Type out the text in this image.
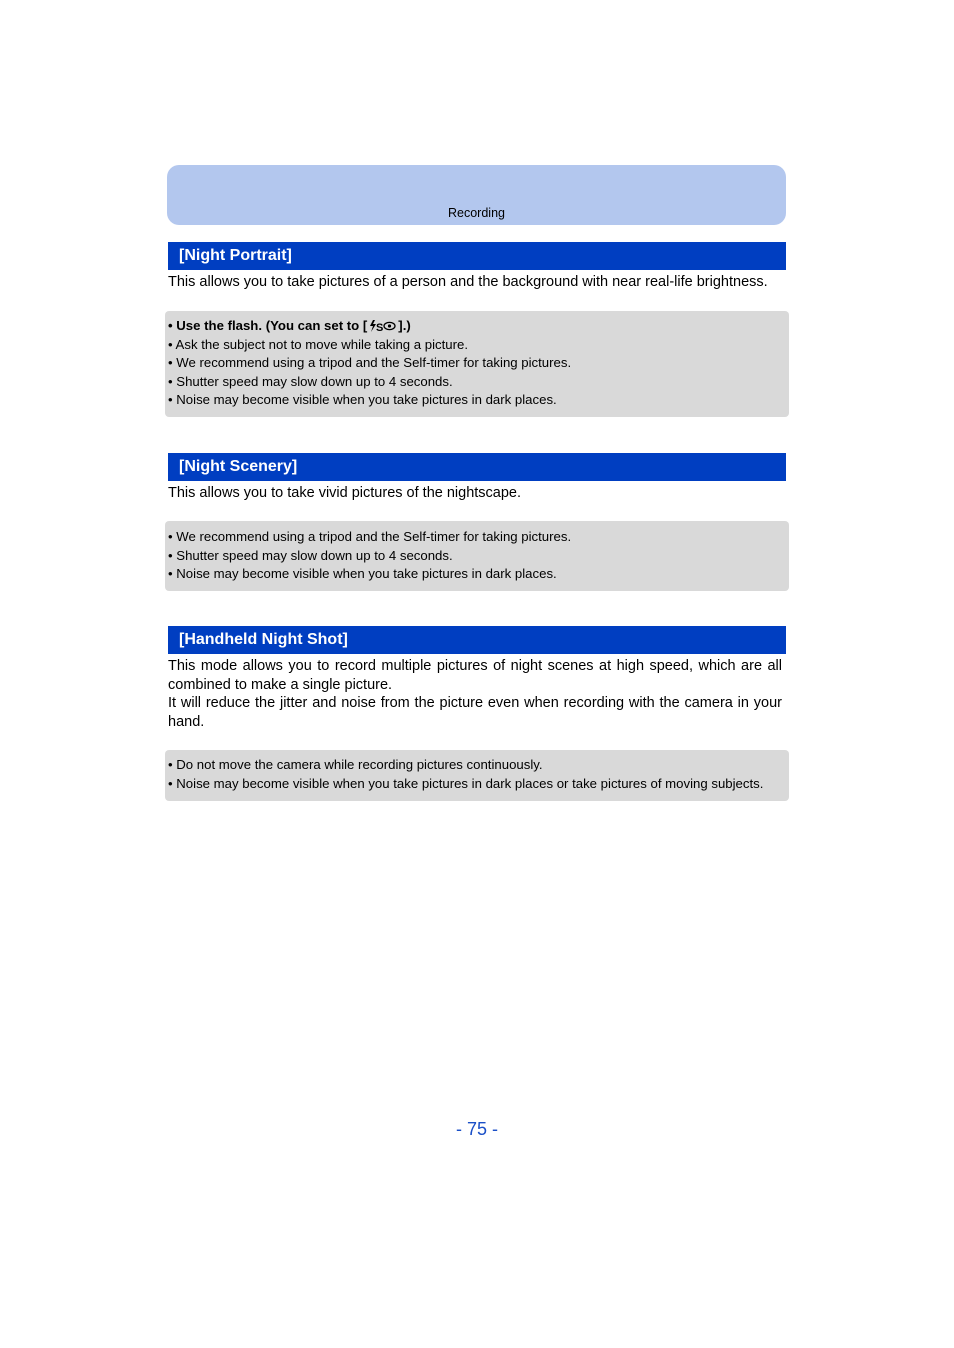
Recording
[Night Portrait]

This allows you to take pictures of a person and the background with near real-life brightness.

• Use the flash. (You can set to [ S ].)
• Ask the subject not to move while taking a picture.
• We recommend using a tripod and the Self-timer for taking pictures.
• Shutter speed may slow down up to 4 seconds.
• Noise may become visible when you take pictures in dark places.
[Night Scenery]

This allows you to take vivid pictures of the nightscape.

• We recommend using a tripod and the Self-timer for taking pictures.
• Shutter speed may slow down up to 4 seconds.
• Noise may become visible when you take pictures in dark places.
[Handheld Night Shot]

This mode allows you to record multiple pictures of night scenes at high speed, which are all combined to make a single picture.

It will reduce the jitter and noise from the picture even when recording with the camera in your hand.

• Do not move the camera while recording pictures continuously.
• Noise may become visible when you take pictures in dark places or take pictures of moving subjects.
- 75 -
